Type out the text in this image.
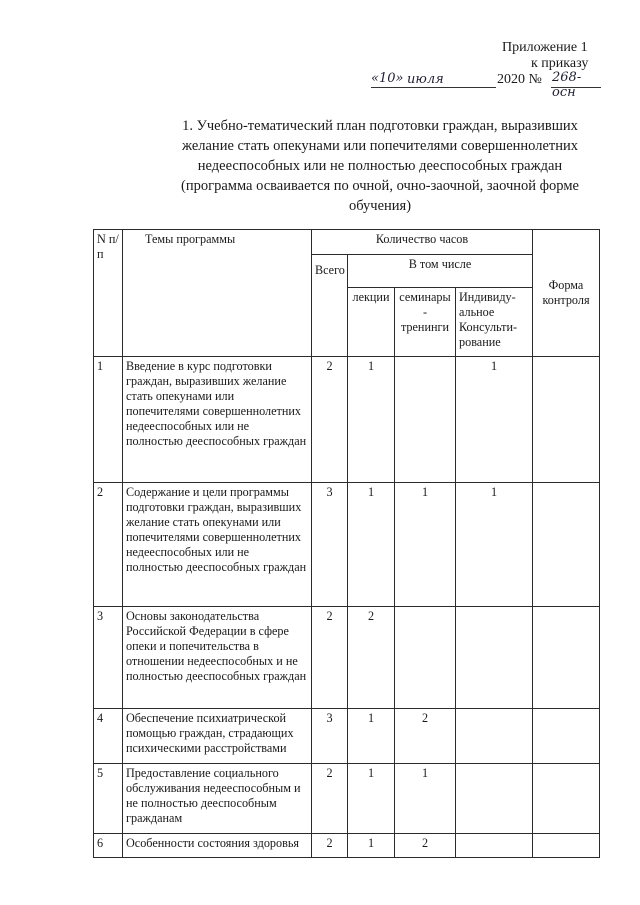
Приложение 1
к приказу
«10» июля	2020 № 268-осн
1. Учебно-тематический план подготовки граждан, выразивших
желание стать опекунами или попечителями совершеннолетних
недееспособных или не полностью дееспособных граждан
(программа осваивается по очной, очно-заочной, заочной форме
обучения)
N п/п	Темы программы	Количество часов				Форма контроля
		Всего	В том числе			
			лекции	семинары - тренинги	Индивиду- альное Консульти- рование	
1	Введение в курс подготовки граждан, выразивших желание стать опекунами или попечителями совершеннолетних недееспособных или не полностью дееспособных граждан	2	1		1	
2	Содержание и цели программы подготовки граждан, выразивших желание стать опекунами или попечителями совершеннолетних недееспособных или не полностью дееспособных граждан	3	1	1	1	
3	Основы законодательства Российской Федерации в сфере опеки и попечительства в отношении недееспособных и не полностью дееспособных граждан	2	2			
4	Обеспечение психиатрической помощью граждан, страдающих психическими расстройствами	3	1	2		
5	Предоставление социального обслуживания недееспособным и не полностью дееспособным гражданам	2	1	1		
6	Особенности состояния здоровья	2	1	2		
